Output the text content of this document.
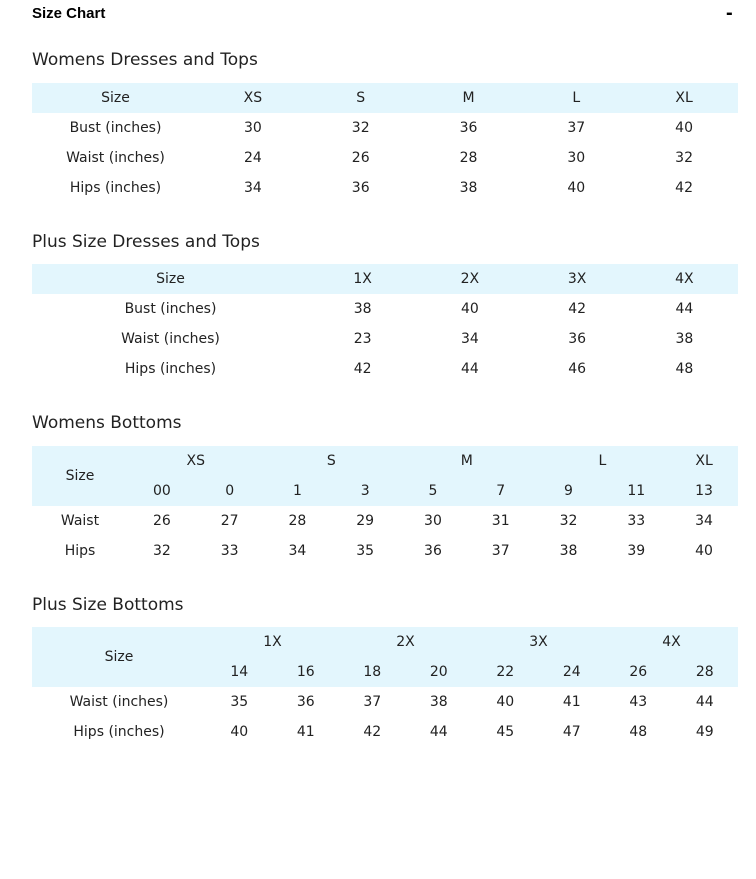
Size Chart	-
Womens Dresses and Tops
Size	XS	S	M	L	XL
Bust (inches)	30	32	36	37	40
Waist (inches)	24	26	28	30	32
Hips (inches)	34	36	38	40	42
Plus Size Dresses and Tops
Size	1X	2X	3X	4X
Bust (inches)	38	40	42	44
Waist (inches)	23	34	36	38
Hips (inches)	42	44	46	48
Womens Bottoms
Size	XS		S		M		L		XL
	00	0	1	3	5	7	9	11	13
Waist	26	27	28	29	30	31	32	33	34
Hips	32	33	34	35	36	37	38	39	40
Plus Size Bottoms
Size	1X		2X		3X		4X	
	14	16	18	20	22	24	26	28
Waist (inches)	35	36	37	38	40	41	43	44
Hips (inches)	40	41	42	44	45	47	48	49
